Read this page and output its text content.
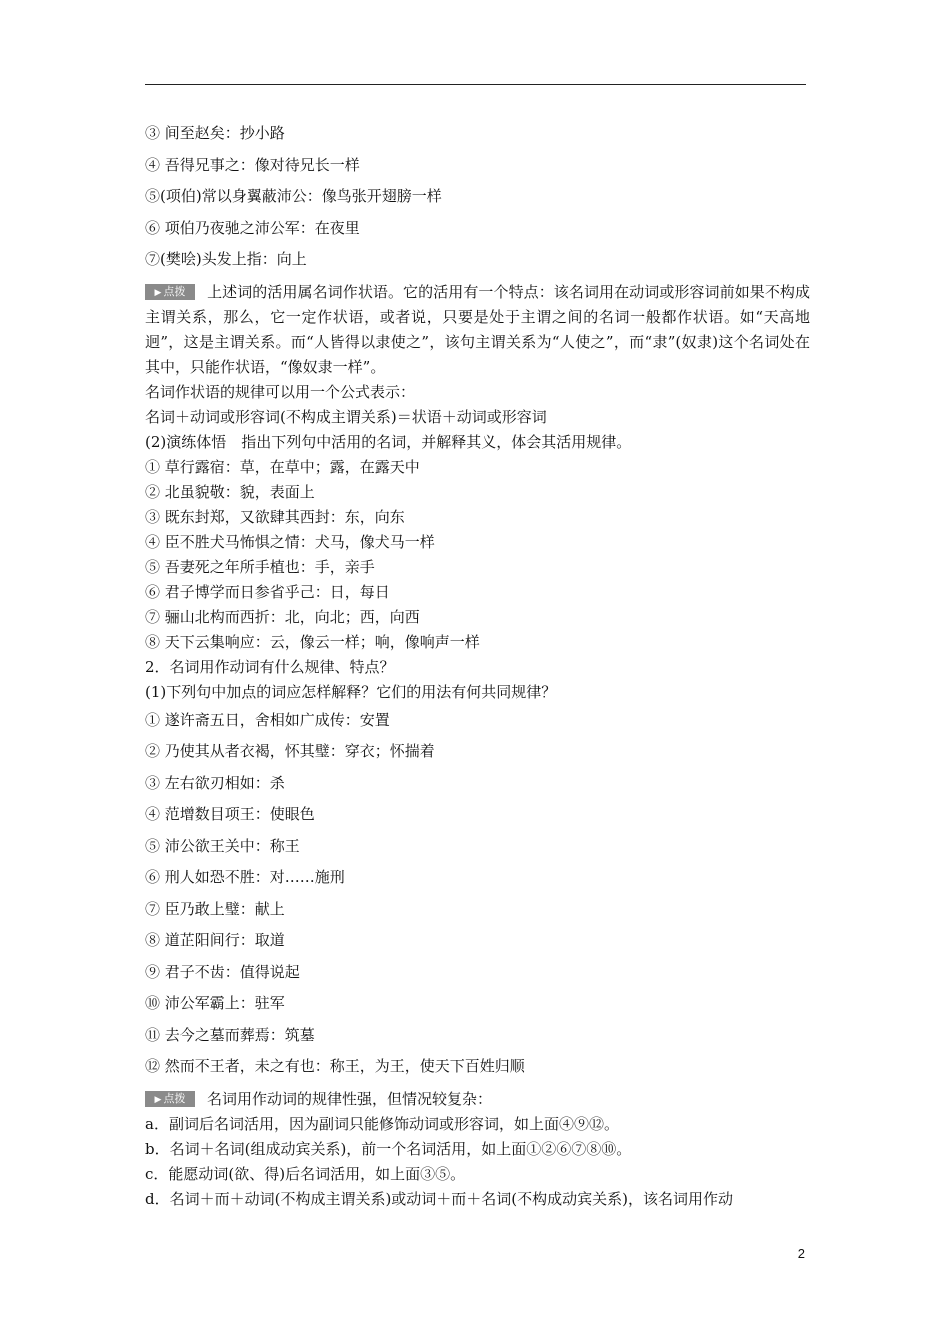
③ 间至赵矣：抄小路
④ 吾得兄事之：像对待兄长一样
⑤(项伯)常以身翼蔽沛公：像鸟张开翅膀一样
⑥ 项伯乃夜驰之沛公军：在夜里
⑦(樊哙)头发上指：向上
▶ 点拨 上述词的活用属名词作状语。它的活用有一个特点：该名词用在动词或形容词前如果不构成主谓关系，那么，它一定作状语，或者说，只要是处于主谓之间的名词一般都作状语。如“天高地迥”，这是主谓关系。而“人皆得以隶使之”，该句主谓关系为“人使之”，而“隶”(奴隶)这个名词处在其中，只能作状语，“像奴隶一样”。
名词作状语的规律可以用一个公式表示：
名词＋动词或形容词(不构成主谓关系)＝状语＋动词或形容词
(2)演练体悟　指出下列句中活用的名词，并解释其义，体会其活用规律。
① 草行露宿：草，在草中；露，在露天中
② 北虽貌敬：貌，表面上
③ 既东封郑，又欲肆其西封：东，向东
④ 臣不胜犬马怖惧之情：犬马，像犬马一样
⑤ 吾妻死之年所手植也：手，亲手
⑥ 君子博学而日参省乎己：日，每日
⑦ 骊山北构而西折：北，向北；西，向西
⑧ 天下云集响应：云，像云一样；响，像响声一样
2．名词用作动词有什么规律、特点？
(1)下列句中加点的词应怎样解释？它们的用法有何共同规律？
① 遂许斋五日，舍相如广成传：安置
② 乃使其从者衣褐，怀其璧：穿衣；怀揣着
③ 左右欲刃相如：杀
④ 范增数目项王：使眼色
⑤ 沛公欲王关中：称王
⑥ 刑人如恐不胜：对……施刑
⑦ 臣乃敢上璧：献上
⑧ 道芷阳间行：取道
⑨ 君子不齿：值得说起
⑩ 沛公军霸上：驻军
⑪ 去今之墓而葬焉：筑墓
⑫ 然而不王者，未之有也：称王，为王，使天下百姓归顺
▶ 点拨 名词用作动词的规律性强，但情况较复杂：
a．副词后名词活用，因为副词只能修饰动词或形容词，如上面④⑨⑫。
b．名词＋名词(组成动宾关系)，前一个名词活用，如上面①②⑥⑦⑧⑩。
c．能愿动词(欲、得)后名词活用，如上面③⑤。
d．名词＋而＋动词(不构成主谓关系)或动词＋而＋名词(不构成动宾关系)，该名词用作动
2
